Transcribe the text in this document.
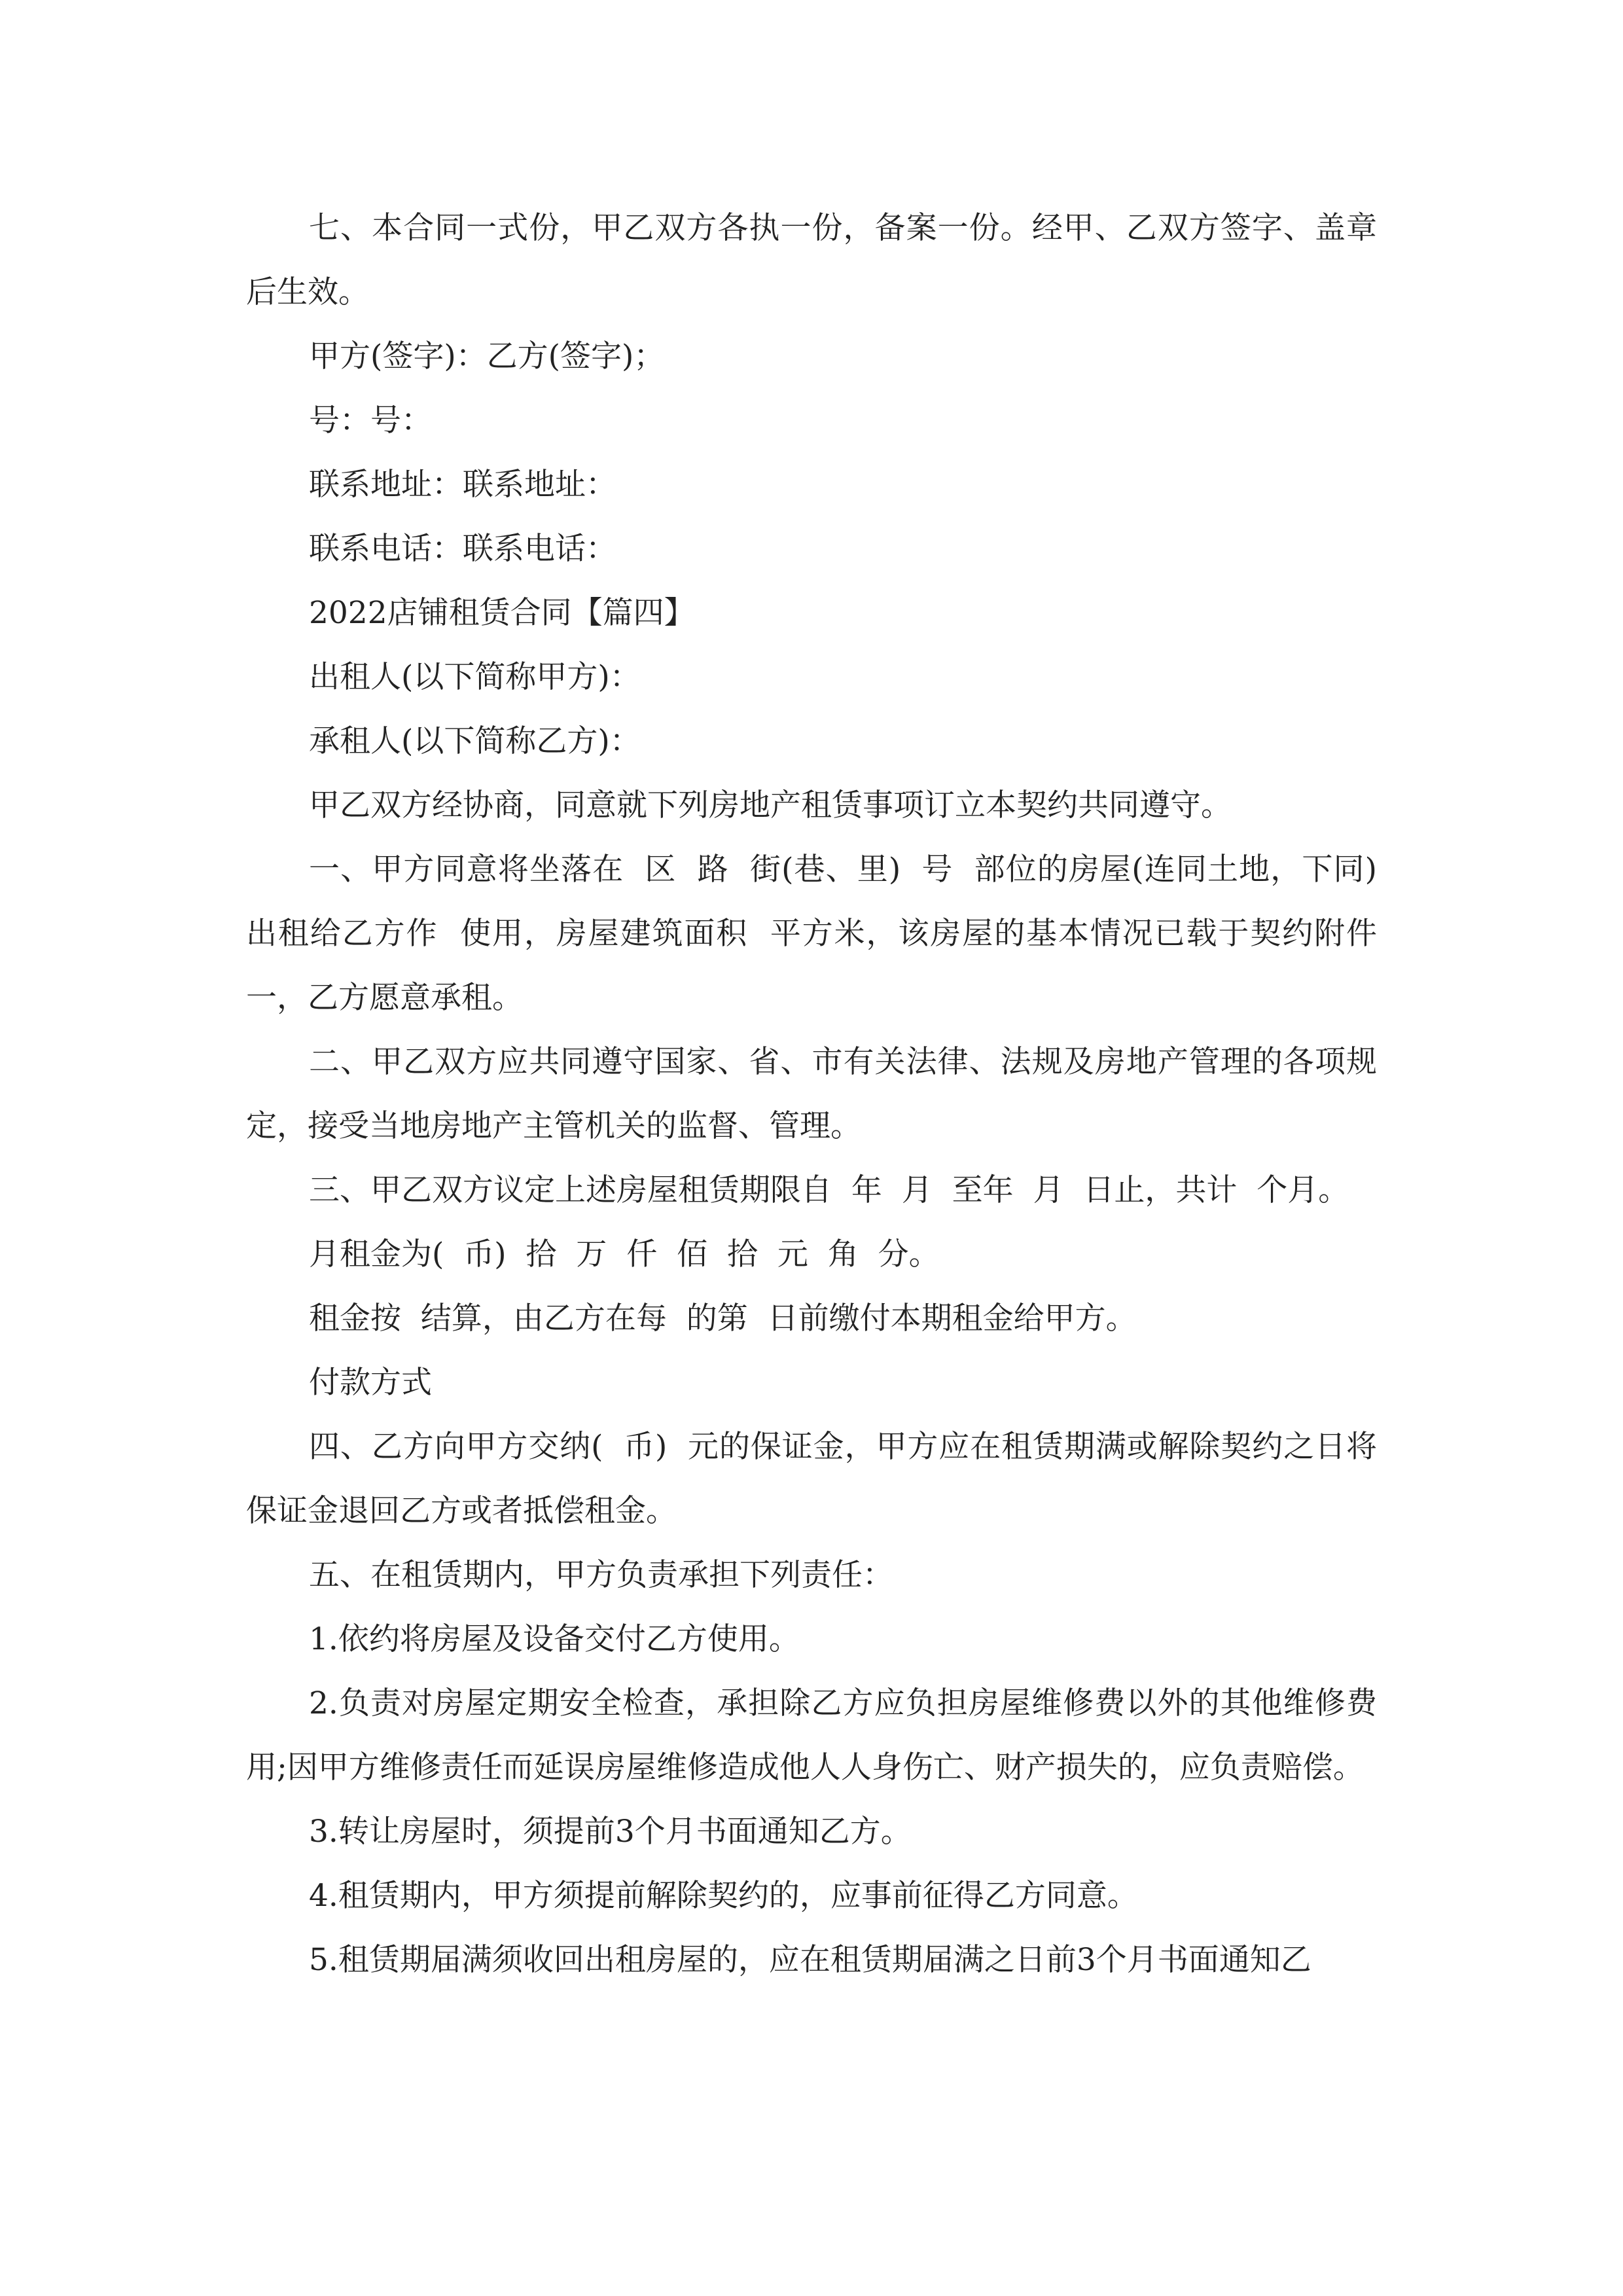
七、本合同一式份，甲乙双方各执一份，备案一份。经甲、乙双方签字、盖章后生效。

甲方(签字)：乙方(签字)；

号：号：

联系地址：联系地址：

联系电话：联系电话：

2022店铺租赁合同【篇四】

出租人(以下简称甲方)：

承租人(以下简称乙方)：

甲乙双方经协商，同意就下列房地产租赁事项订立本契约共同遵守。

一、甲方同意将坐落在  区  路  街(巷、里)  号  部位的房屋(连同土地，下同)出租给乙方作  使用，房屋建筑面积  平方米，该房屋的基本情况已载于契约附件一，乙方愿意承租。

二、甲乙双方应共同遵守国家、省、市有关法律、法规及房地产管理的各项规定，接受当地房地产主管机关的监督、管理。

三、甲乙双方议定上述房屋租赁期限自  年  月  至年  月  日止，共计  个月。

月租金为(  币)  拾  万  仟  佰  拾  元  角  分。

租金按  结算，由乙方在每  的第  日前缴付本期租金给甲方。

付款方式

四、乙方向甲方交纳(  币)  元的保证金，甲方应在租赁期满或解除契约之日将保证金退回乙方或者抵偿租金。

五、在租赁期内，甲方负责承担下列责任：

1.依约将房屋及设备交付乙方使用。

2.负责对房屋定期安全检查，承担除乙方应负担房屋维修费以外的其他维修费用;因甲方维修责任而延误房屋维修造成他人人身伤亡、财产损失的，应负责赔偿。

3.转让房屋时，须提前3个月书面通知乙方。

4.租赁期内，甲方须提前解除契约的，应事前征得乙方同意。

5.租赁期届满须收回出租房屋的，应在租赁期届满之日前3个月书面通知乙
